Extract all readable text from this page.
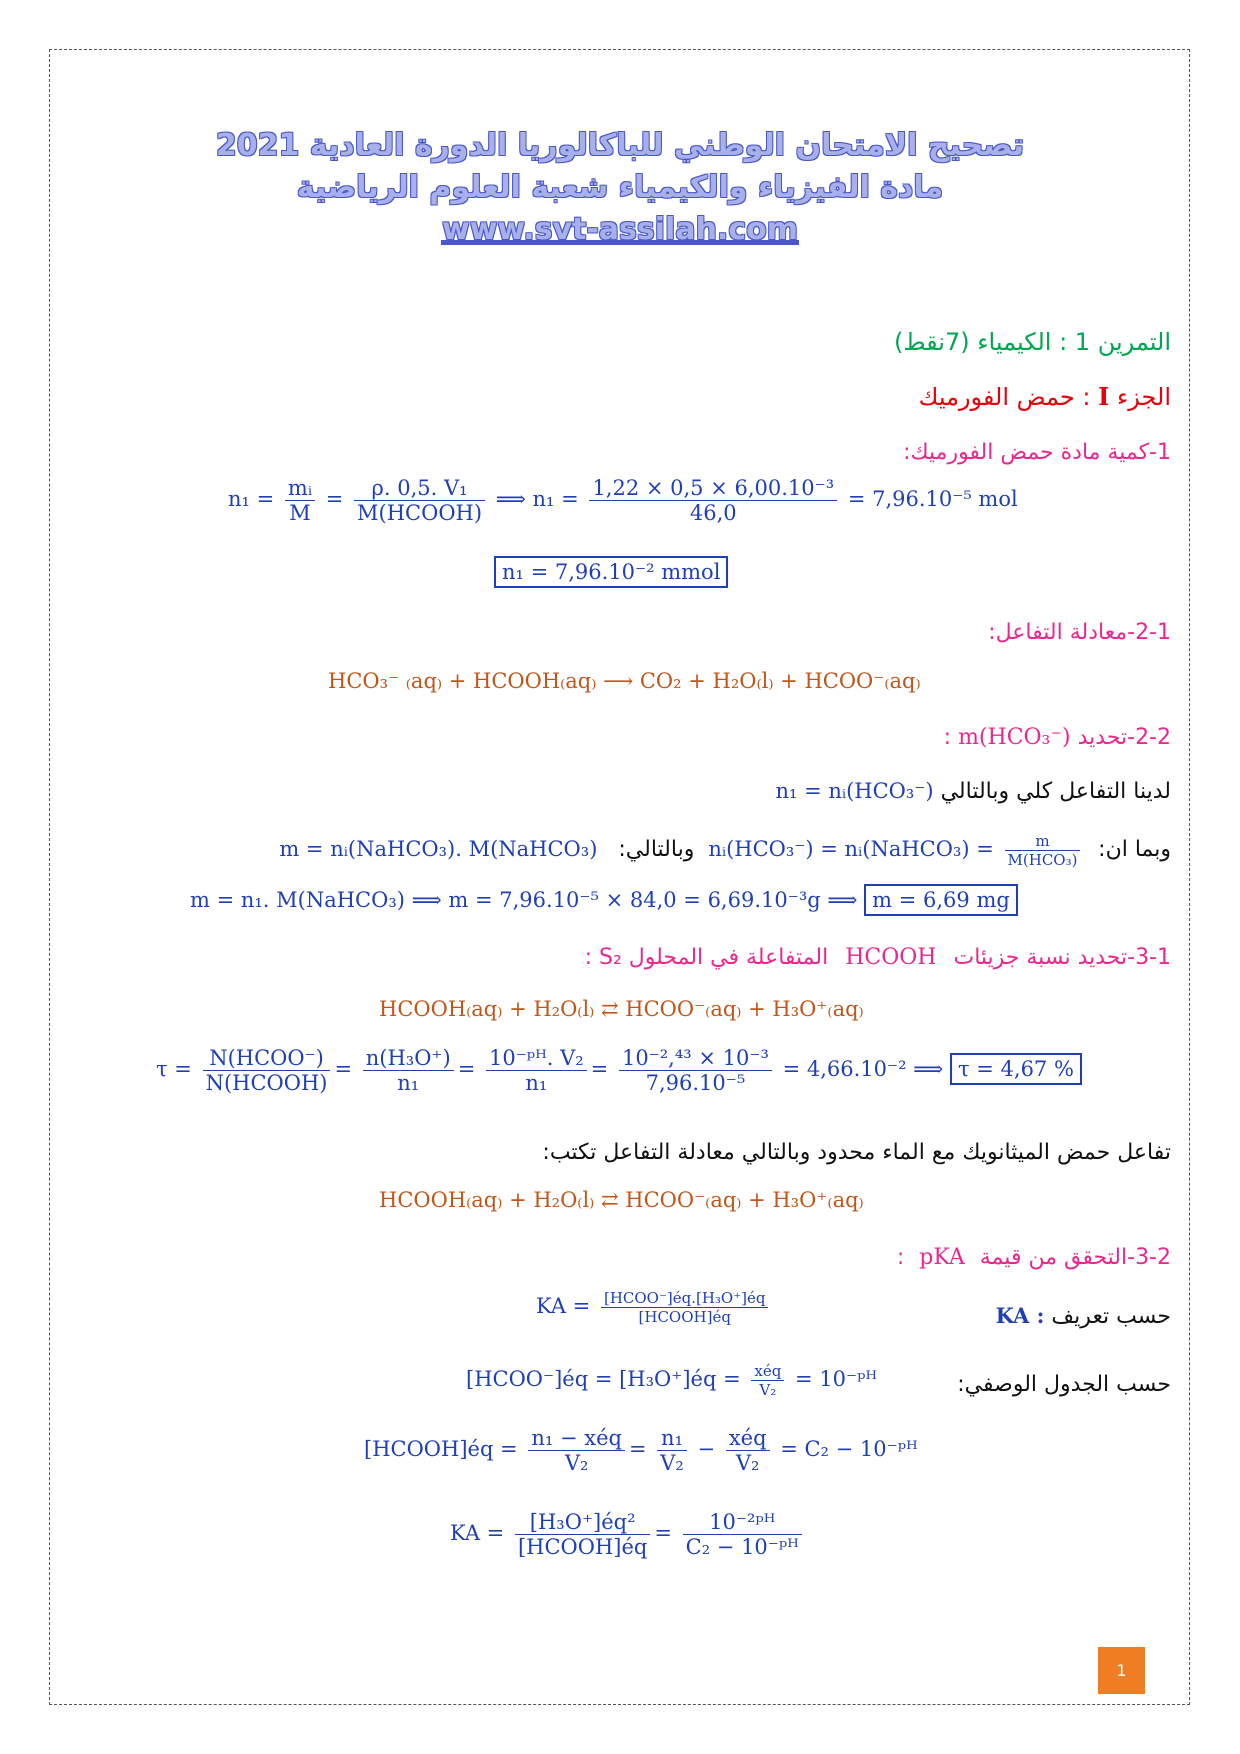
تصحيح الامتحان الوطني للباكالوريا الدورة العادية 2021
مادة الفيزياء والكيمياء شعبة العلوم الرياضية
www.svt-assilah.com
التمرين 1 : الكيمياء (7نقط)
الجزء I : حمض الفورميك
1-كمية مادة حمض الفورميك:
$n_1 = \frac{\text{mᵢ}}{M} = \frac{\text{ρ. 0,5. V₁}}{\text{M(HCOOH)}}$ ⟹ $n_1 = \frac{\text{1,22 × 0,5 × 6,00.10⁻³}}{46,0} = 7,96.10^{-5}$ mol
n₁ = 7,96.10⁻² mmol
2-1-معادلة التفاعل:
HCO₃⁻ ₍aq₎ + HCOOH₍aq₎ ⟶ CO₂ + H₂O₍l₎ + HCOO⁻₍aq₎
2-2-تحديد m(HCO₃⁻) :
لدينا التفاعل كلي وبالتالي n₁ = nᵢ(HCO₃⁻)
وبما ان: nᵢ(HCO₃⁻) = nᵢ(NaHCO₃) = $\frac{m}{\text{M(HCO₃)}}$
وبالتالي: m = nᵢ(NaHCO₃). M(NaHCO₃)
m = n₁. M(NaHCO₃) ⟹ m = 7,96.10⁻⁵ × 84,0 = 6,69.10⁻³g ⟹ m = 6,69 mg
3-1-تحديد نسبة جزيئات HCOOH المتفاعلة في المحلول S₂ :
HCOOH₍aq₎ + H₂O₍l₎ ⇄ HCOO⁻₍aq₎ + H₃O⁺₍aq₎
$\tau = \frac{\text{N(HCOO⁻)}}{\text{N(HCOOH)}} = \frac{\text{n(H₃O⁺)}}{\text{n₁}} = \frac{\text{10⁻ᵖᴴ. V₂}}{\text{n₁}} = \frac{\text{10⁻²,⁴³ × 10⁻³}}{\text{7,96.10⁻⁵}} = 4,66.10^{-2}$ ⟹ τ = 4,67 %
تفاعل حمض الميثانويك مع الماء محدود وبالتالي معادلة التفاعل تكتب:
HCOOH₍aq₎ + H₂O₍l₎ ⇄ HCOO⁻₍aq₎ + H₃O⁺₍aq₎
3-2-التحقق من قيمة pKA :
حسب تعريف KA :
KA = $\frac{\text{[HCOO⁻]éq.[H₃O⁺]éq}}{\text{[HCOOH]éq}}$
حسب الجدول الوصفي:
[HCOO⁻]éq = [H₃O⁺]éq = $\frac{\text{xéq}}{\text{V₂}}$ = 10⁻ᵖᴴ
[HCOOH]éq = $\frac{\text{n₁ − xéq}}{\text{V₂}} = \frac{\text{n₁}}{\text{V₂}} - \frac{\text{xéq}}{\text{V₂}} = C_2$ − 10⁻ᵖᴴ
KA = $\frac{\text{[H₃O⁺]éq²}}{\text{[HCOOH]éq}} = \frac{\text{10⁻²ᵖᴴ}}{\text{C₂ − 10⁻ᵖᴴ}}$
1
